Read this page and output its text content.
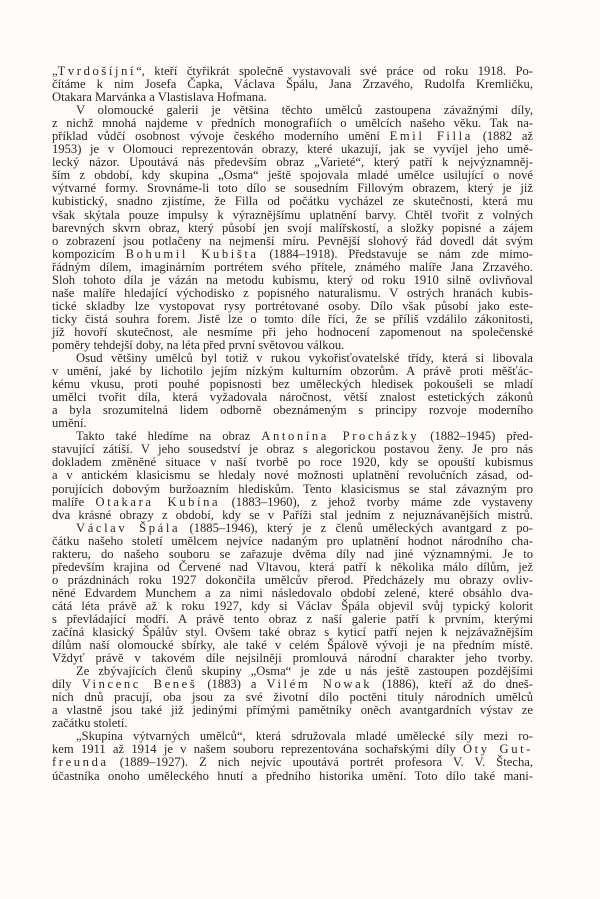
„Tvrdošíjní“, kteří čtyřikrát společně vystavovali své práce od roku 1918. Po-
čítáme k nim Josefa Čapka, Václava Špálu, Jana Zrzavého, Rudolfa Kremličku,
Otakara Marvánka a Vlastislava Hofmana.
V olomoucké galerii je většina těchto umělců zastoupena závažnými díly,
z nichž mnohá najdeme v předních monografiích o umělcích našeho věku. Tak na-
příklad vůdčí osobnost vývoje českého moderního umění Emil Filla (1882 až
1953) je v Olomouci reprezentován obrazy, které ukazují, jak se vyvíjel jeho umě-
lecký názor. Upoutává nás především obraz „Varieté“, který patří k nejvýznamněj-
ším z období, kdy skupina „Osma“ ještě spojovala mladé umělce usilující o nové
výtvarné formy. Srovnáme-li toto dílo se sousedním Fillovým obrazem, který je již
kubistický, snadno zjistíme, že Filla od počátku vycházel ze skutečnosti, která mu
však skýtala pouze impulsy k výraznějšímu uplatnění barvy. Chtěl tvořit z volných
barevných skvrn obraz, který působí jen svojí malířskostí, a složky popisné a zájem
o zobrazení jsou potlačeny na nejmenší míru. Pevnější slohový řád dovedl dát svým
kompozicím Bohumil Kubišta (1884–1918). Představuje se nám zde mimo-
řádným dílem, imaginárním portrétem svého přítele, známého malíře Jana Zrzavého.
Sloh tohoto díla je vázán na metodu kubismu, který od roku 1910 silně ovlivňoval
naše malíře hledající východisko z popisného naturalismu. V ostrých hranách kubis-
tické skladby lze vystopovat rysy portrétované osoby. Dílo však působí jako este-
ticky čistá souhra forem. Jistě lze o tomto díle říci, že se příliš vzdálilo zákonitosti,
jíž hovoří skutečnost, ale nesmíme při jeho hodnocení zapomenout na společenské
poměry tehdejší doby, na léta před první světovou válkou.
Osud většiny umělců byl totiž v rukou vykořisťovatelské třídy, která si libovala
v umění, jaké by lichotilo jejím nízkým kulturním obzorům. A právě proti měšťác-
kému vkusu, proti pouhé popisnosti bez uměleckých hledisek pokoušeli se mladí
umělci tvořit díla, která vyžadovala náročnost, větší znalost estetických zákonů
a byla srozumitelná lidem odborně obeznámeným s principy rozvoje moderního
umění.
Takto také hledíme na obraz Antonína Procházky (1882–1945) před-
stavující zátiší. V jeho sousedství je obraz s alegorickou postavou ženy. Je pro nás
dokladem změněné situace v naší tvorbě po roce 1920, kdy se opouští kubismus
a v antickém klasicismu se hledaly nové možnosti uplatnění revolučních zásad, od-
porujících dobovým buržoazním hlediskům. Tento klasicismus se stal závazným pro
malíře Otakara Kubína (1883–1960), z jehož tvorby máme zde vystaveny
dva krásné obrazy z období, kdy se v Paříži stal jedním z nejuznávanějších mistrů.
Václav Špála (1885–1946), který je z členů uměleckých avantgard z po-
čátku našeho století umělcem nejvíce nadaným pro uplatnění hodnot národního cha-
rakteru, do našeho souboru se zařazuje dvěma díly nad jiné významnými. Je to
především krajina od Červené nad Vltavou, která patří k několika málo dílům, jež
o prázdninách roku 1927 dokončila umělcův přerod. Předcházely mu obrazy ovliv-
něné Edvardem Munchem a za nimi následovalo období zelené, které obsáhlo dva-
cátá léta právě až k roku 1927, kdy si Václav Špála objevil svůj typický kolorit
s převládající modří. A právě tento obraz z naší galerie patří k prvním, kterými
začíná klasický Špálův styl. Ovšem také obraz s kyticí patří nejen k nejzávažnějším
dílům naší olomoucké sbírky, ale také v celém Špálově vývoji je na předním místě.
Vždyť právě v takovém díle nejsilněji promlouvá národní charakter jeho tvorby.
Ze zbývajících členů skupiny „Osma“ je zde u nás ještě zastoupen pozdějšími
díly Vincenc Beneš (1883) a Vilém Nowak (1886), kteří až do dneš-
ních dnů pracují, oba jsou za své životní dílo poctěni tituly národních umělců
a vlastně jsou také již jedinými přímými pamětníky oněch avantgardních výstav ze
začátku století.
„Skupina výtvarných umělců“, která sdružovala mladé umělecké síly mezi ro-
kem 1911 až 1914 je v našem souboru reprezentována sochařskými díly Oty Gut-
freunda (1889–1927). Z nich nejvíc upoutává portrét profesora V. V. Štecha,
účastníka onoho uměleckého hnutí a předního historika umění. Toto dílo také mani-
